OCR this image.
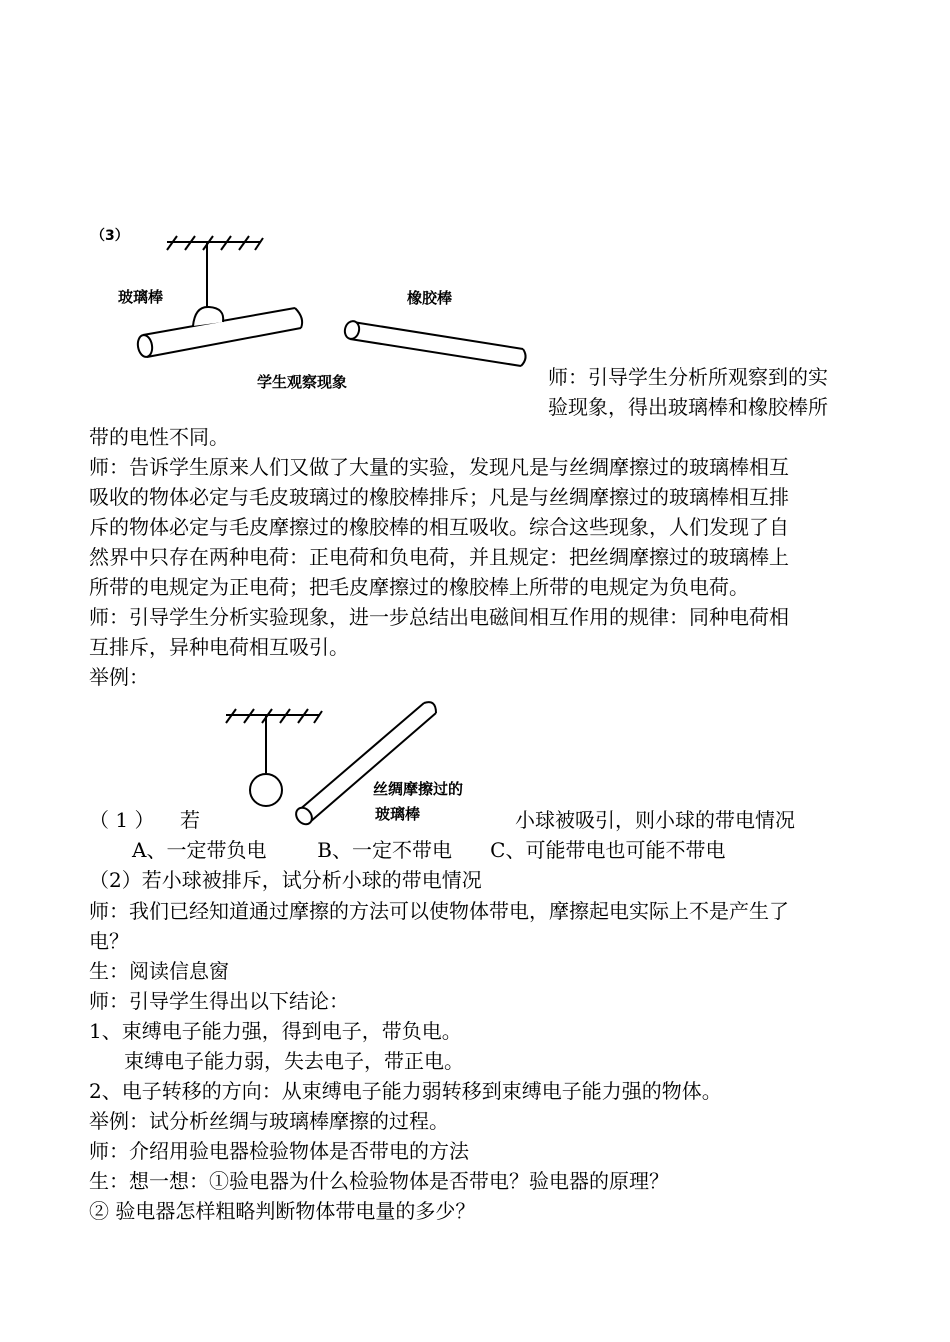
（3）
玻璃棒	橡胶棒
学生观察现象	师：引导学生分析所观察到的实
验现象，得出玻璃棒和橡胶棒所
带的电性不同。
师：告诉学生原来人们又做了大量的实验，发现凡是与丝绸摩擦过的玻璃棒相互
吸收的物体必定与毛皮玻璃过的橡胶棒排斥；凡是与丝绸摩擦过的玻璃棒相互排
斥的物体必定与毛皮摩擦过的橡胶棒的相互吸收。综合这些现象，人们发现了自
然界中只存在两种电荷：正电荷和负电荷，并且规定：把丝绸摩擦过的玻璃棒上
所带的电规定为正电荷；把毛皮摩擦过的橡胶棒上所带的电规定为负电荷。
师：引导学生分析实验现象，进一步总结出电磁间相互作用的规律：同种电荷相
互排斥，异种电荷相互吸引。
举例：
丝绸摩擦过的
玻璃棒
（ 1 ） 若	小球被吸引，则小球的带电情况
A、一定带负电        B、一定不带电      C、可能带电也可能不带电
（2）若小球被排斥，试分析小球的带电情况
师：我们已经知道通过摩擦的方法可以使物体带电，摩擦起电实际上不是产生了
电？
生：阅读信息窗
师：引导学生得出以下结论：
1、束缚电子能力强，得到电子，带负电。
束缚电子能力弱，失去电子，带正电。
2、电子转移的方向：从束缚电子能力弱转移到束缚电子能力强的物体。
举例：试分析丝绸与玻璃棒摩擦的过程。
师：介绍用验电器检验物体是否带电的方法
生：想一想：①验电器为什么检验物体是否带电？验电器的原理？
② 验电器怎样粗略判断物体带电量的多少？
